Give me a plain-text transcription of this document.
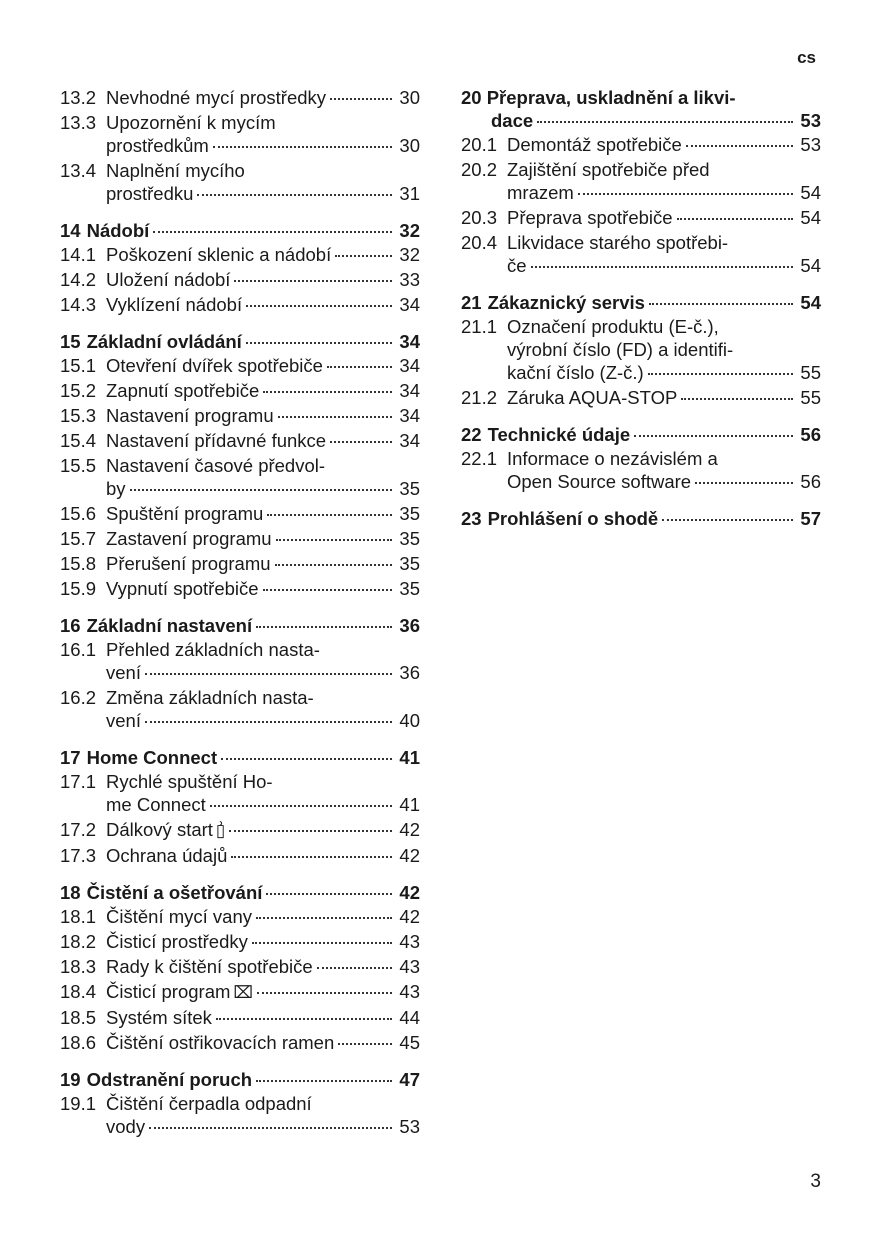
cs
13.2 Nevhodné mycí prostředky	30
13.3 Upozornění k mycím
prostředkům	30
13.4 Naplnění mycího
prostředku	31
14 Nádobí	32
14.1 Poškození sklenic a nádobí	32
14.2 Uložení nádobí	33
14.3 Vyklízení nádobí	34
15 Základní ovládání	34
15.1 Otevření dvířek spotřebiče	34
15.2 Zapnutí spotřebiče	34
15.3 Nastavení programu	34
15.4 Nastavení přídavné funkce	34
15.5 Nastavení časové předvol-
by	35
15.6 Spuštění programu	35
15.7 Zastavení programu	35
15.8 Přerušení programu	35
15.9 Vypnutí spotřebiče	35
16 Základní nastavení	36
16.1 Přehled základních nasta-
vení	36
16.2 Změna základních nasta-
vení	40
17 Home Connect	41
17.1 Rychlé spuštění Ho-
me Connect	41
17.2 Dálkový start ▯͗	42
17.3 Ochrana údajů	42
18 Čistění a ošetřování	42
18.1 Čištění mycí vany	42
18.2 Čisticí prostředky	43
18.3 Rady k čištění spotřebiče	43
18.4 Čisticí program ⌧	43
18.5 Systém sítek	44
18.6 Čištění ostřikovacích ramen	45
19 Odstranění poruch	47
19.1 Čištění čerpadla odpadní
vody	53
20 Přeprava, uskladnění a likvi-
dace	53
20.1 Demontáž spotřebiče	53
20.2 Zajištění spotřebiče před
mrazem	54
20.3 Přeprava spotřebiče	54
20.4 Likvidace starého spotřebi-
če	54
21 Zákaznický servis	54
21.1 Označení produktu (E-č.),
výrobní číslo (FD) a identifi-
kační číslo (Z-č.)	55
21.2 Záruka AQUA-STOP	55
22 Technické údaje	56
22.1 Informace o nezávislém a
Open Source software	56
23 Prohlášení o shodě	57
3
